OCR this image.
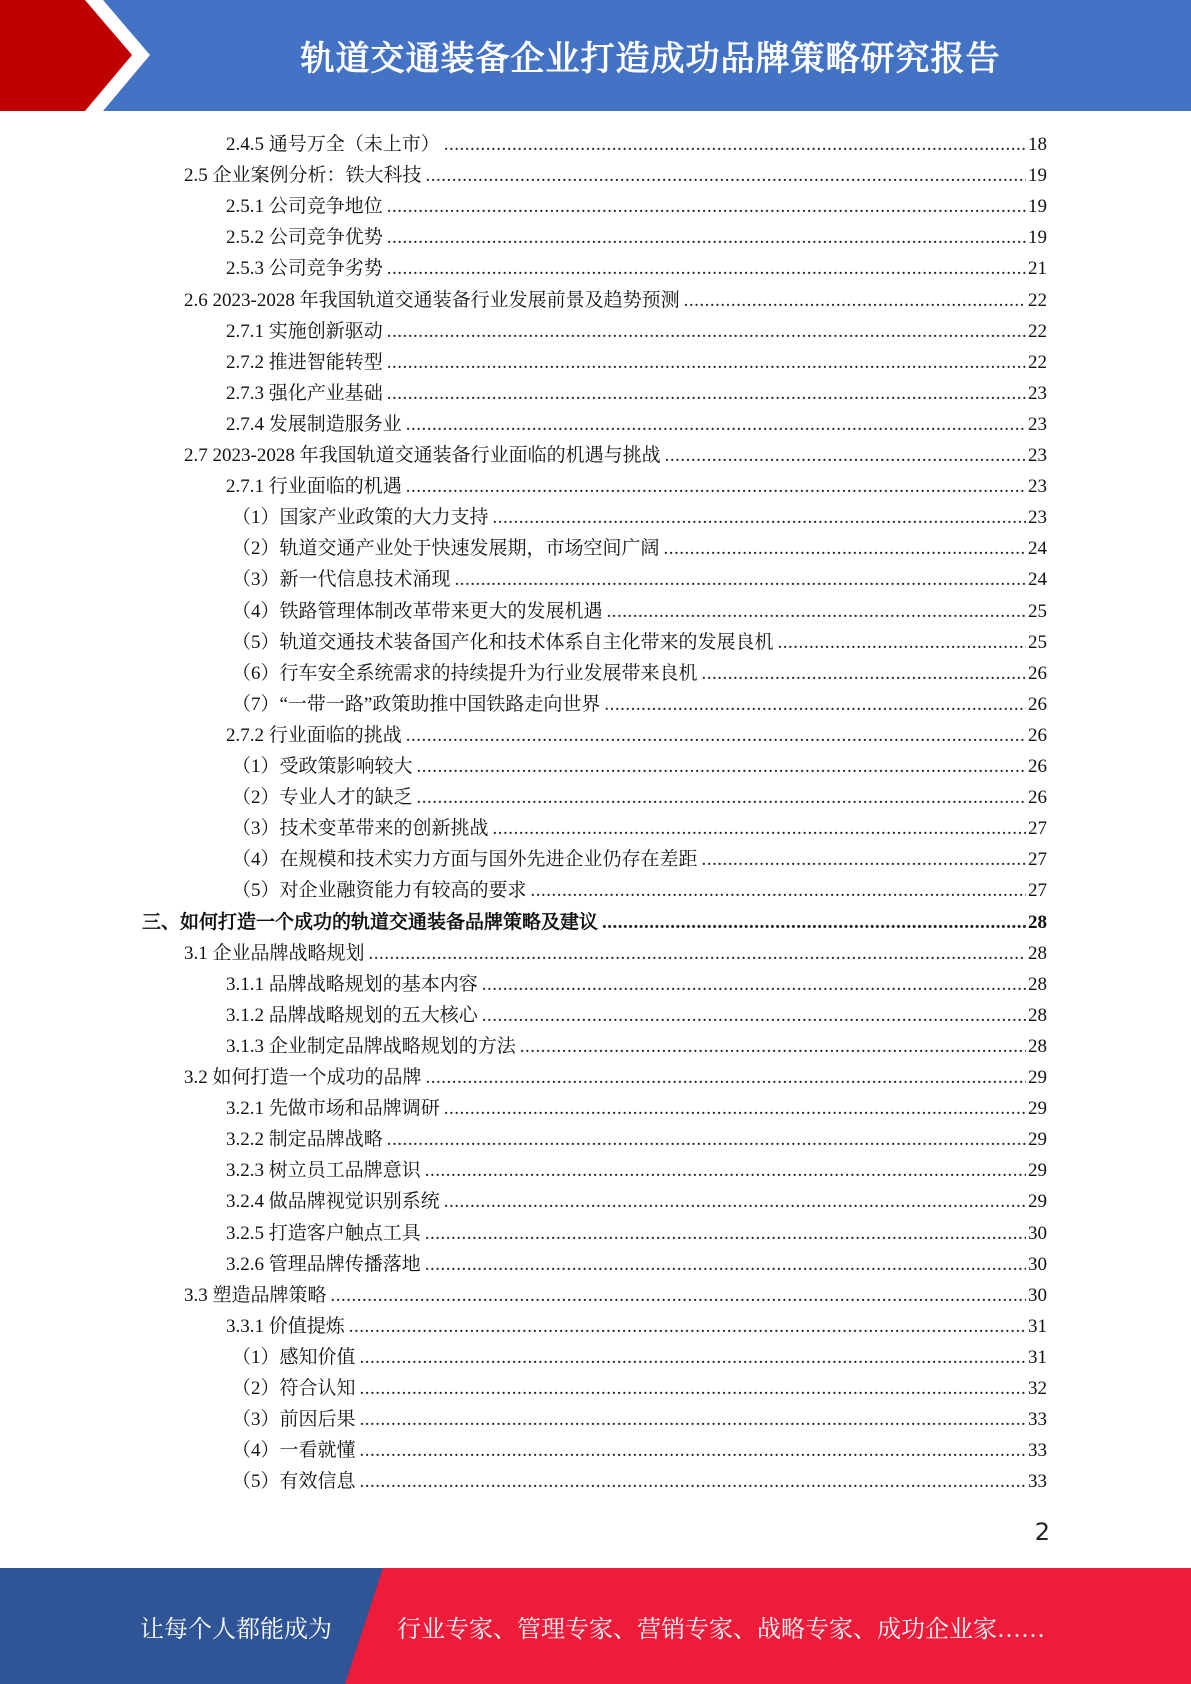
轨道交通装备企业打造成功品牌策略研究报告
2.4.5 通号万全（未上市） .....	18
2.5 企业案例分析：铁大科技 .....	19
2.5.1 公司竞争地位 .....	19
2.5.2 公司竞争优势 .....	19
2.5.3 公司竞争劣势 .....	21
2.6 2023-2028 年我国轨道交通装备行业发展前景及趋势预测 .....	22
2.7.1 实施创新驱动 .....	22
2.7.2 推进智能转型 .....	22
2.7.3 强化产业基础 .....	23
2.7.4 发展制造服务业 .....	23
2.7 2023-2028 年我国轨道交通装备行业面临的机遇与挑战 .....	23
2.7.1 行业面临的机遇 .....	23
（1）国家产业政策的大力支持 .....	23
（2）轨道交通产业处于快速发展期，市场空间广阔 .....	24
（3）新一代信息技术涌现 .....	24
（4）铁路管理体制改革带来更大的发展机遇 .....	25
（5）轨道交通技术装备国产化和技术体系自主化带来的发展良机 .....	25
（6）行车安全系统需求的持续提升为行业发展带来良机 .....	26
（7）“一带一路”政策助推中国铁路走向世界 .....	26
2.7.2 行业面临的挑战 .....	26
（1）受政策影响较大 .....	26
（2）专业人才的缺乏 .....	26
（3）技术变革带来的创新挑战 .....	27
（4）在规模和技术实力方面与国外先进企业仍存在差距 .....	27
（5）对企业融资能力有较高的要求 .....	27
三、如何打造一个成功的轨道交通装备品牌策略及建议 .....	28
3.1 企业品牌战略规划 .....	28
3.1.1 品牌战略规划的基本内容 .....	28
3.1.2 品牌战略规划的五大核心 .....	28
3.1.3 企业制定品牌战略规划的方法 .....	28
3.2 如何打造一个成功的品牌 .....	29
3.2.1 先做市场和品牌调研 .....	29
3.2.2 制定品牌战略 .....	29
3.2.3 树立员工品牌意识 .....	29
3.2.4 做品牌视觉识别系统 .....	29
3.2.5 打造客户触点工具 .....	30
3.2.6 管理品牌传播落地 .....	30
3.3 塑造品牌策略 .....	30
3.3.1 价值提炼 .....	31
（1）感知价值 .....	31
（2）符合认知 .....	32
（3）前因后果 .....	33
（4）一看就懂 .....	33
（5）有效信息 .....	33
2
让每个人都能成为	行业专家、管理专家、营销专家、战略专家、成功企业家……
